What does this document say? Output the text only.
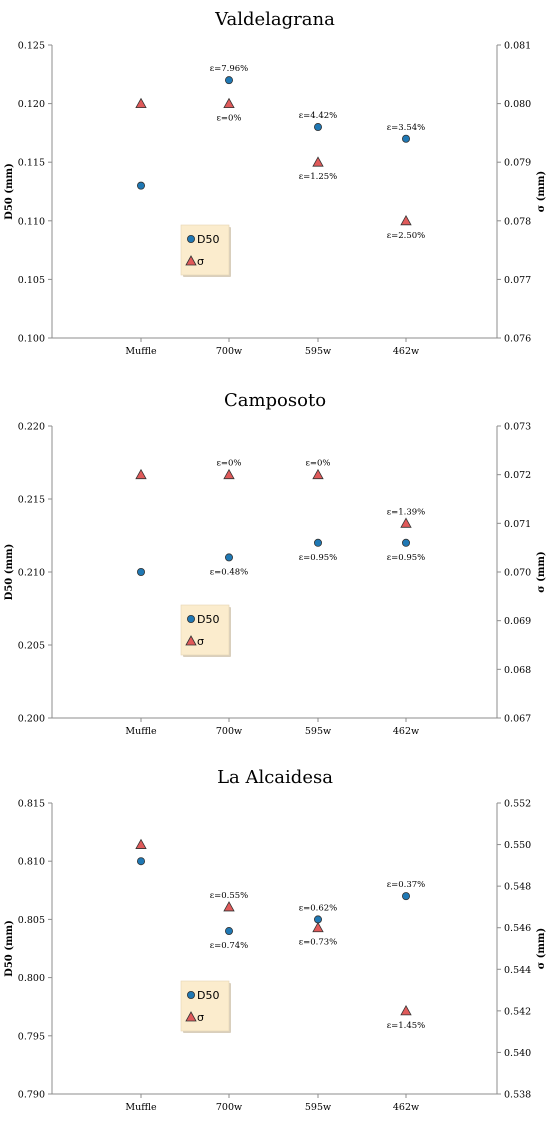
Valdelagrana
0.100
0.105
0.110
0.115
0.120
0.125
0.076
0.077
0.078
0.079
0.080
0.081
Muffle	700w	595w	462w
D50 (mm)	σ (mm)
ε=7.96%
ε=4.42%
ε=3.54%
ε=0%
ε=1.25%
ε=2.50%
D50
σ
Camposoto
0.200
0.205
0.210
0.215
0.220
0.067
0.068
0.069
0.070
0.071
0.072
0.073
Muffle	700w	595w	462w
D50 (mm)	σ (mm)
ε=0.48%
ε=0.95%	ε=0.95%
ε=0%	ε=0%
ε=1.39%
D50
σ
La Alcaidesa
0.790
0.795
0.800
0.805
0.810
0.815
0.538
0.540
0.542
0.544
0.546
0.548
0.550
0.552
Muffle	700w	595w	462w
D50 (mm)	σ (mm)
ε=0.74%
ε=0.62%
ε=0.37%
ε=0.55%
ε=0.73%
ε=1.45%
D50
σ
